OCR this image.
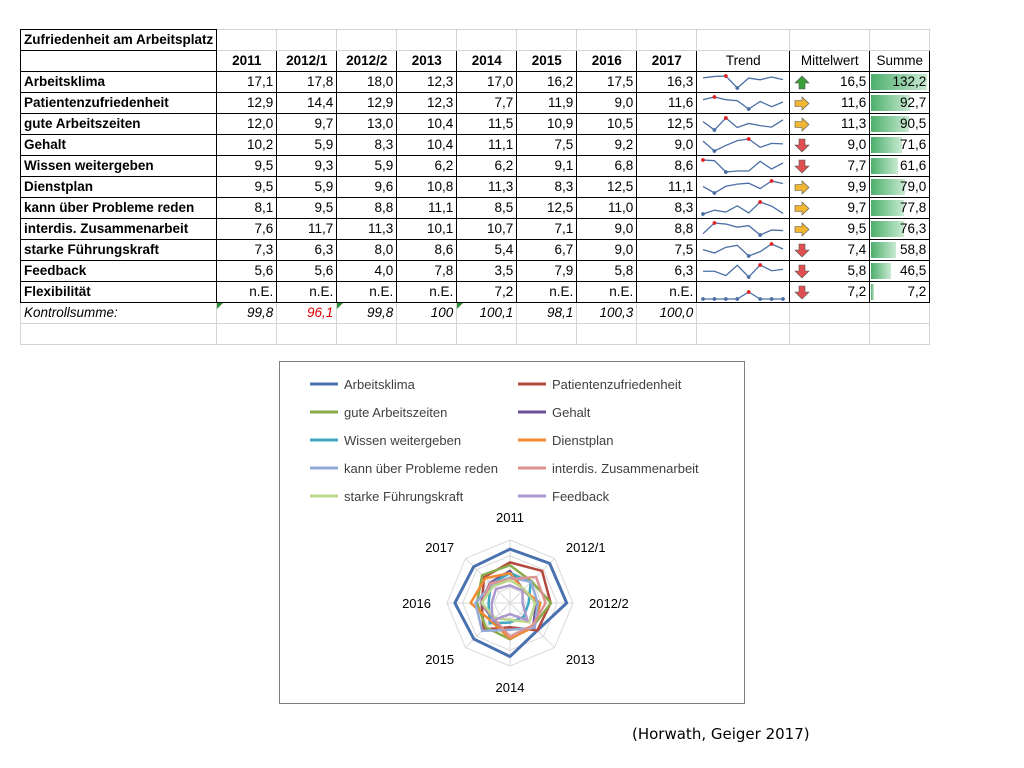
Zufriedenheit am Arbeitsplatz											
	2011	2012/1	2012/2	2013	2014	2015	2016	2017	Trend	Mittelwert	Summe
Arbeitsklima	17,1	17,8	18,0	12,3	17,0	16,2	17,5	16,3		16,5	132,2
Patientenzufriedenheit	12,9	14,4	12,9	12,3	7,7	11,9	9,0	11,6		11,6	92,7
gute Arbeitszeiten	12,0	9,7	13,0	10,4	11,5	10,9	10,5	12,5		11,3	90,5
Gehalt	10,2	5,9	8,3	10,4	11,1	7,5	9,2	9,0		9,0	71,6
Wissen weitergeben	9,5	9,3	5,9	6,2	6,2	9,1	6,8	8,6		7,7	61,6
Dienstplan	9,5	5,9	9,6	10,8	11,3	8,3	12,5	11,1		9,9	79,0
kann über Probleme reden	8,1	9,5	8,8	11,1	8,5	12,5	11,0	8,3		9,7	77,8
interdis. Zusammenarbeit	7,6	11,7	11,3	10,1	10,7	7,1	9,0	8,8		9,5	76,3
starke Führungskraft	7,3	6,3	8,0	8,6	5,4	6,7	9,0	7,5		7,4	58,8
Feedback	5,6	5,6	4,0	7,8	3,5	7,9	5,8	6,3		5,8	46,5
Flexibilität	n.E.	n.E.	n.E.	n.E.	7,2	n.E.	n.E.	n.E.		7,2	7,2
Kontrollsumme:	99,8	96,1	99,8	100	100,1	98,1	100,3	100,0			

Arbeitsklima	Patientenzufriedenheit
gute Arbeitszeiten	Gehalt
Wissen weitergeben	Dienstplan
kann über Probleme reden	interdis. Zusammenarbeit
starke Führungskraft	Feedback
2011
2012/1
2012/2
2013
2014
2015
2016
2017
(Horwath, Geiger 2017)
